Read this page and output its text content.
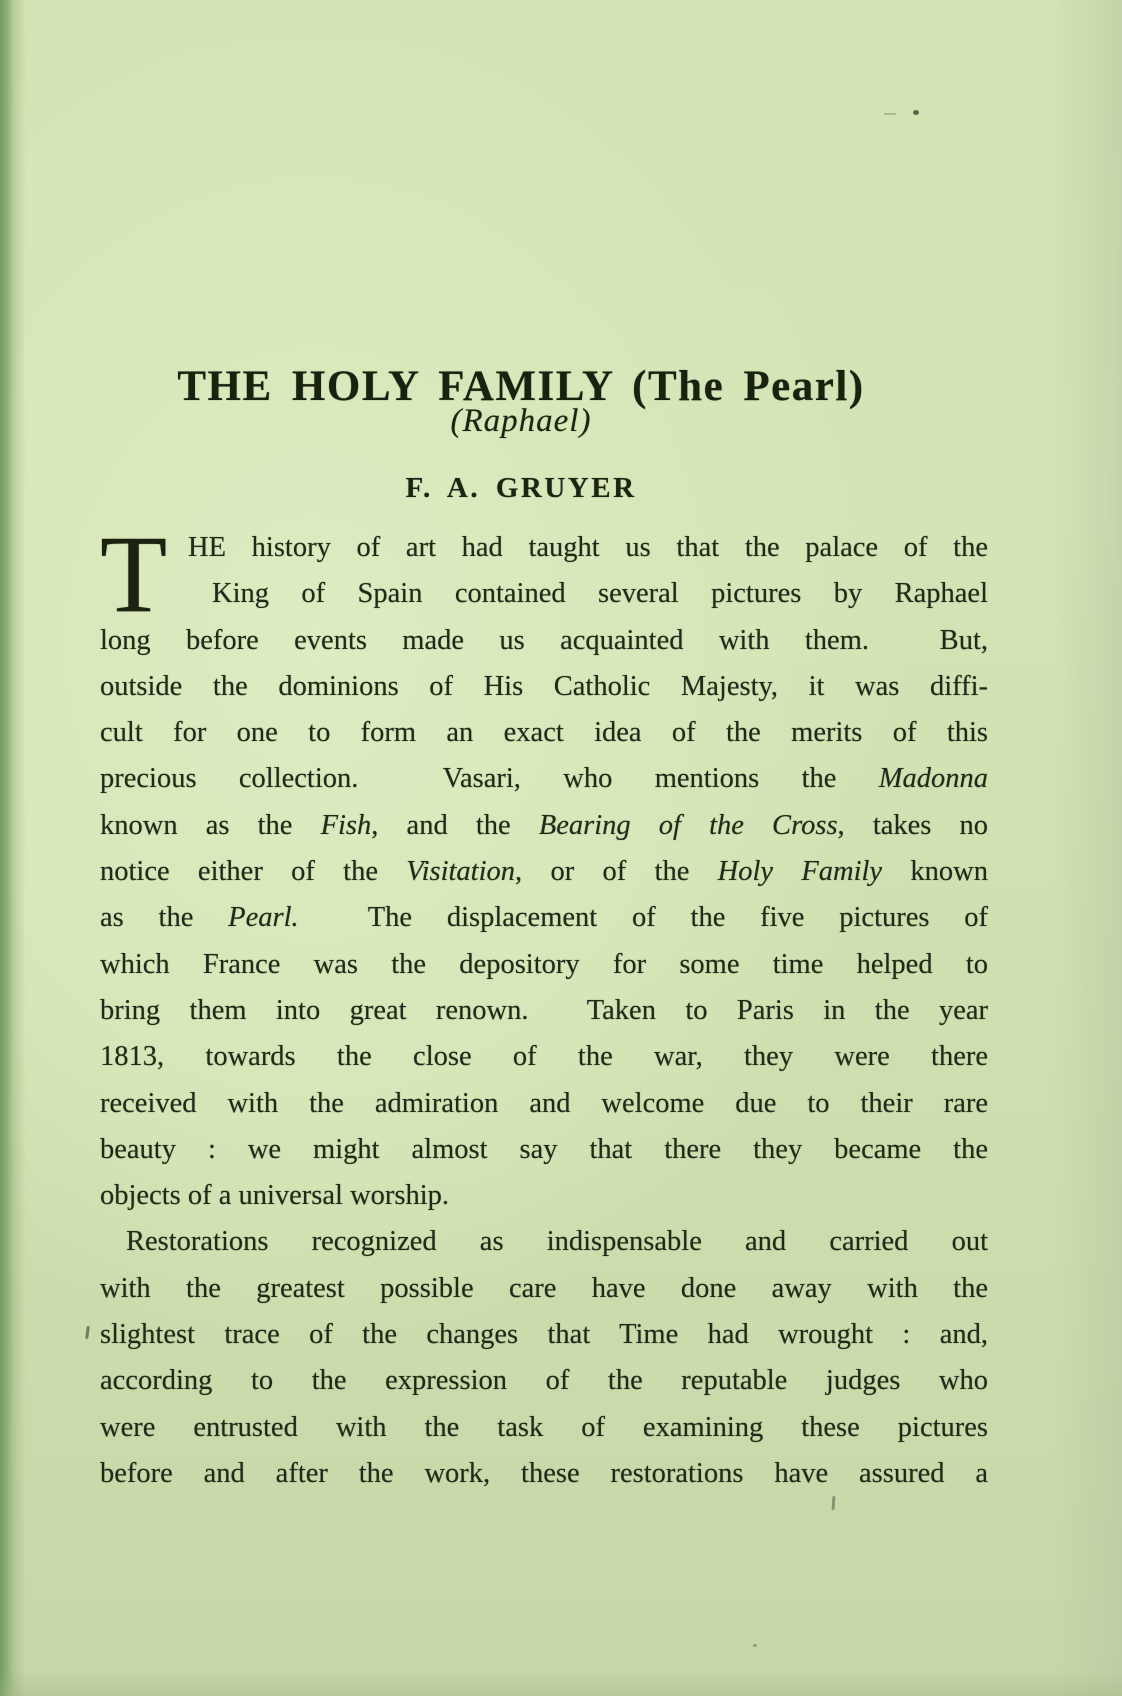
THE HOLY FAMILY (The Pearl)
(Raphael)
F. A. GRUYER
T HE history of art had taught us that the palace of the
King of Spain contained several pictures by Raphael
long before events made us acquainted with them.  But,
outside the dominions of His Catholic Majesty, it was diffi-
cult for one to form an exact idea of the merits of this
precious collection.  Vasari, who mentions the Madonna
known as the Fish, and the Bearing of the Cross, takes no
notice either of the Visitation, or of the Holy Family known
as the Pearl.  The displacement of the five pictures of
which France was the depository for some time helped to
bring them into great renown.  Taken to Paris in the year
1813, towards the close of the war, they were there
received with the admiration and welcome due to their rare
beauty : we might almost say that there they became the
objects of a universal worship.
Restorations recognized as indispensable and carried out
with the greatest possible care have done away with the
slightest trace of the changes that Time had wrought : and,
according to the expression of the reputable judges who
were entrusted with the task of examining these pictures
before and after the work, these restorations have assured a
